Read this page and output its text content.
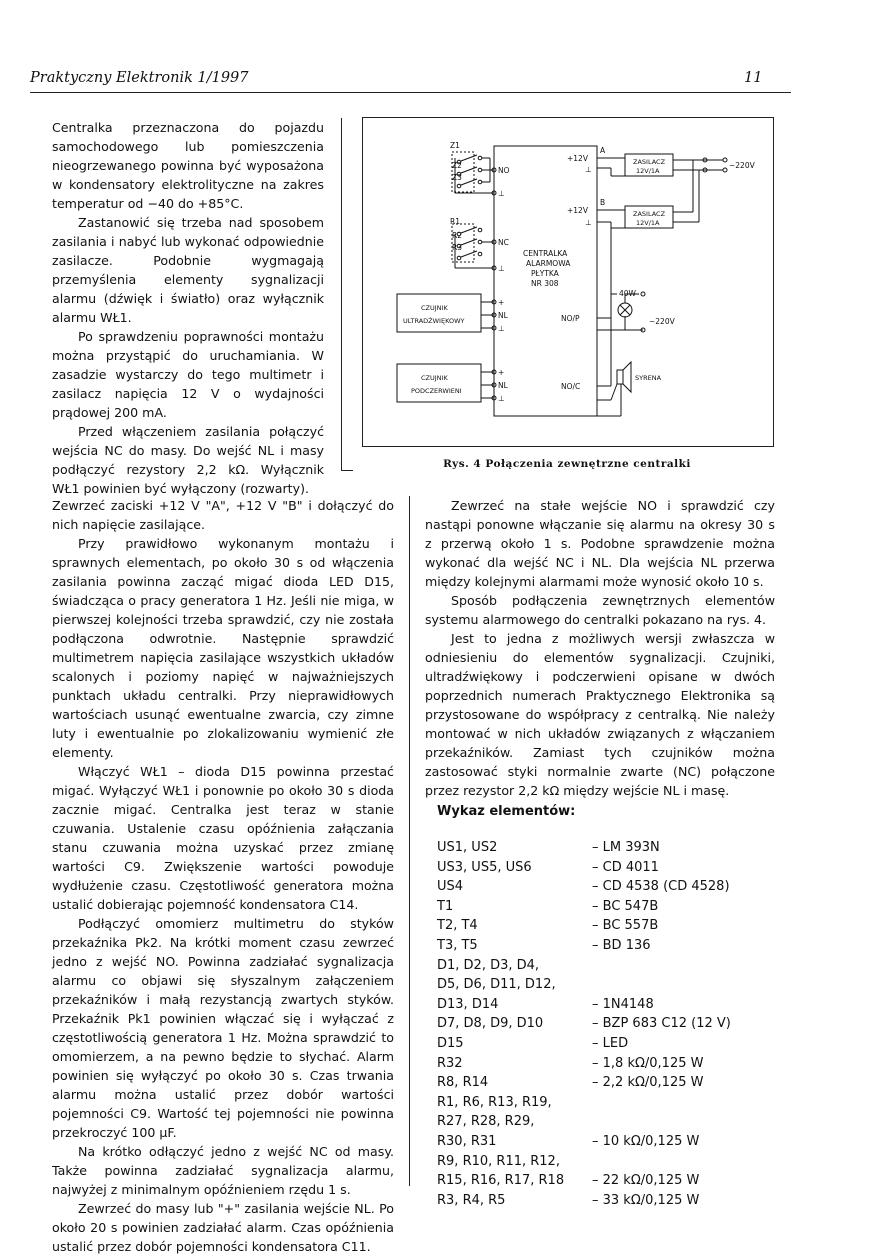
Praktyczny Elektronik 1/1997	11

Centralka przeznaczona do pojazdu samochodowego lub pomieszczenia nieogrzewanego powinna być wyposażona w kondensatory elektrolityczne na zakres temperatur od −40 do +85°C.

Zastanowić się trzeba nad sposobem zasilania i nabyć lub wykonać odpowiednie zasilacze. Podobnie wygmagają przemyślenia elementy sygnalizacji alarmu (dźwięk i światło) oraz wyłącznik alarmu WŁ1.

Po sprawdzeniu poprawności montażu można przystąpić do uruchamiania. W zasadzie wystarczy do tego multimetr i zasilacz napięcia 12 V o wydajności prądowej 200 mA.

Przed włączeniem zasilania połączyć wejścia NC do masy. Do wejść NL i masy podłączyć rezystory 2,2 kΩ. Wyłącznik WŁ1 powinien być wyłączony (rozwarty).

Z1
Z2
Z3
R1
R2
R3
NO
⊥
NC
⊥
+
NL
⊥
+
NL
⊥
CENTRALKA
ALARMOWA
PŁYTKA
NR 308
+12V
⊥
+12V
⊥
A
B
ZASILACZ
12V/1A
ZASILACZ
12V/1A
~220V
~220V
40W
NO/P
NO/C
SYRENA
CZUJNIK
ULTRADŹWIĘKOWY
CZUJNIK
PODCZERWIENI
Rys. 4 Połączenia zewnętrzne centralki

Zewrzeć zaciski +12 V "A", +12 V "B" i dołączyć do nich napięcie zasilające.

Przy prawidłowo wykonanym montażu i sprawnych elementach, po około 30 s od włączenia zasilania powinna zacząć migać dioda LED D15, świadcząca o pracy generatora 1 Hz. Jeśli nie miga, w pierwszej kolejności trzeba sprawdzić, czy nie została podłączona odwrotnie. Następnie sprawdzić multimetrem napięcia zasilające wszystkich układów scalonych i poziomy napięć w najważniejszych punktach układu centralki. Przy nieprawidłowych wartościach usunąć ewentualne zwarcia, czy zimne luty i ewentualnie po zlokalizowaniu wymienić złe elementy.

Włączyć WŁ1 – dioda D15 powinna przestać migać. Wyłączyć WŁ1 i ponownie po około 30 s dioda zacznie migać. Centralka jest teraz w stanie czuwania. Ustalenie czasu opóźnienia załączania stanu czuwania można uzyskać przez zmianę wartości C9. Zwiększenie wartości powoduje wydłużenie czasu. Częstotliwość generatora można ustalić dobierając pojemność kondensatora C14.

Podłączyć omomierz multimetru do styków przekaźnika Pk2. Na krótki moment czasu zewrzeć jedno z wejść NO. Powinna zadziałać sygnalizacja alarmu co objawi się słyszalnym załączeniem przekaźników i małą rezystancją zwartych styków. Przekaźnik Pk1 powinien włączać się i wyłączać z częstotliwością generatora 1 Hz. Można sprawdzić to omomierzem, a na pewno będzie to słychać. Alarm powinien się wyłączyć po około 30 s. Czas trwania alarmu można ustalić przez dobór wartości pojemności C9. Wartość tej pojemności nie powinna przekroczyć 100 µF.

Na krótko odłączyć jedno z wejść NC od masy. Także powinna zadziałać sygnalizacja alarmu, najwyżej z minimalnym opóźnieniem rzędu 1 s.

Zewrzeć do masy lub "+" zasilania wejście NL. Po około 20 s powinien zadziałać alarm. Czas opóźnienia ustalić przez dobór pojemności kondensatora C11.

Zewrzeć na stałe wejście NO i sprawdzić czy nastąpi ponowne włączanie się alarmu na okresy 30 s z przerwą około 1 s. Podobne sprawdzenie można wykonać dla wejść NC i NL. Dla wejścia NL przerwa między kolejnymi alarmami może wynosić około 10 s.

Sposób podłączenia zewnętrznych elementów systemu alarmowego do centralki pokazano na rys. 4.

Jest to jedna z możliwych wersji zwłaszcza w odniesieniu do elementów sygnalizacji. Czujniki, ultradźwiękowy i podczerwieni opisane w dwóch poprzednich numerach Praktycznego Elektronika są przystosowane do współpracy z centralką. Nie należy montować w nich układów związanych z włączaniem przekaźników. Zamiast tych czujników można zastosować styki normalnie zwarte (NC) połączone przez rezystor 2,2 kΩ między wejście NL i masę.

Wykaz elementów:
US1, US2	– LM 393N
US3, US5, US6	– CD 4011
US4	– CD 4538 (CD 4528)
T1	– BC 547B
T2, T4	– BC 557B
T3, T5	– BD 136
D1, D2, D3, D4,
D5, D6, D11, D12,
D13, D14	– 1N4148
D7, D8, D9, D10	– BZP 683 C12 (12 V)
D15	– LED
R32	– 1,8 kΩ/0,125 W
R8, R14	– 2,2 kΩ/0,125 W
R1, R6, R13, R19,
R27, R28, R29,
R30, R31	– 10 kΩ/0,125 W
R9, R10, R11, R12,
R15, R16, R17, R18	– 22 kΩ/0,125 W
R3, R4, R5	– 33 kΩ/0,125 W
